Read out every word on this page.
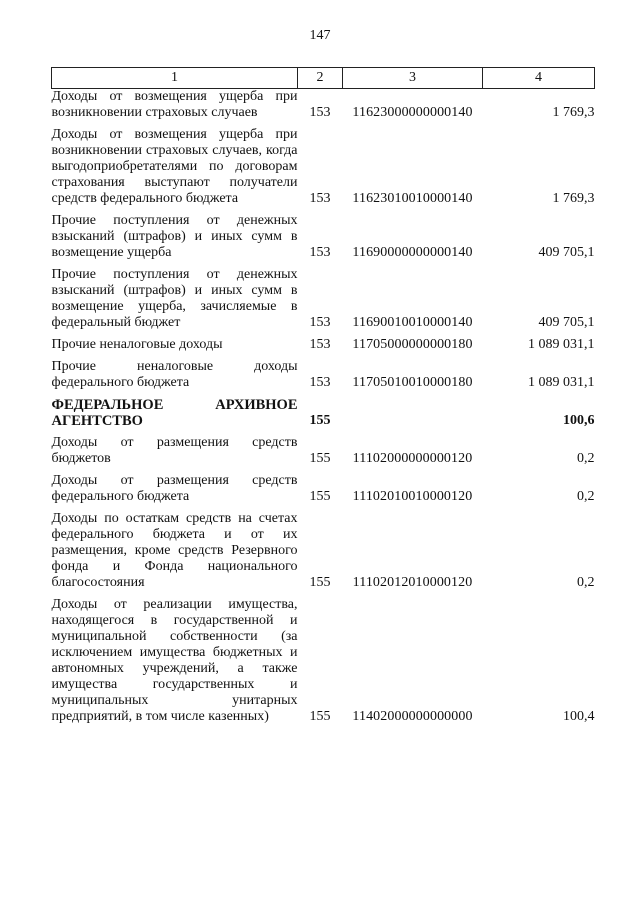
147
1	2	3	4
Доходы от возмещения ущерба при возникновении страховых случаев	153	11623000000000140	1 769,3

Доходы от возмещения ущерба при возникновении страховых случаев, когда выгодоприобретателями по договорам страхования выступают получатели средств федерального бюджета	153	11623010010000140	1 769,3

Прочие поступления от денежных взысканий (штрафов) и иных сумм в возмещение ущерба	153	11690000000000140	409 705,1

Прочие поступления от денежных взысканий (штрафов) и иных сумм в возмещение ущерба, зачисляемые в федеральный бюджет	153	11690010010000140	409 705,1

Прочие неналоговые доходы	153	11705000000000180	1 089 031,1

Прочие неналоговые доходы федерального бюджета	153	11705010010000180	1 089 031,1

ФЕДЕРАЛЬНОЕ АРХИВНОЕ АГЕНТСТВО	155		100,6

Доходы от размещения средств бюджетов	155	11102000000000120	0,2

Доходы от размещения средств федерального бюджета	155	11102010010000120	0,2

Доходы по остаткам средств на счетах федерального бюджета и от их размещения, кроме средств Резервного фонда и Фонда национального благосостояния	155	11102012010000120	0,2

Доходы от реализации имущества, находящегося в государственной и муниципальной собственности (за исключением имущества бюджетных и автономных учреждений, а также имущества государственных и муниципальных унитарных предприятий, в том числе казенных)	155	11402000000000000	100,4
